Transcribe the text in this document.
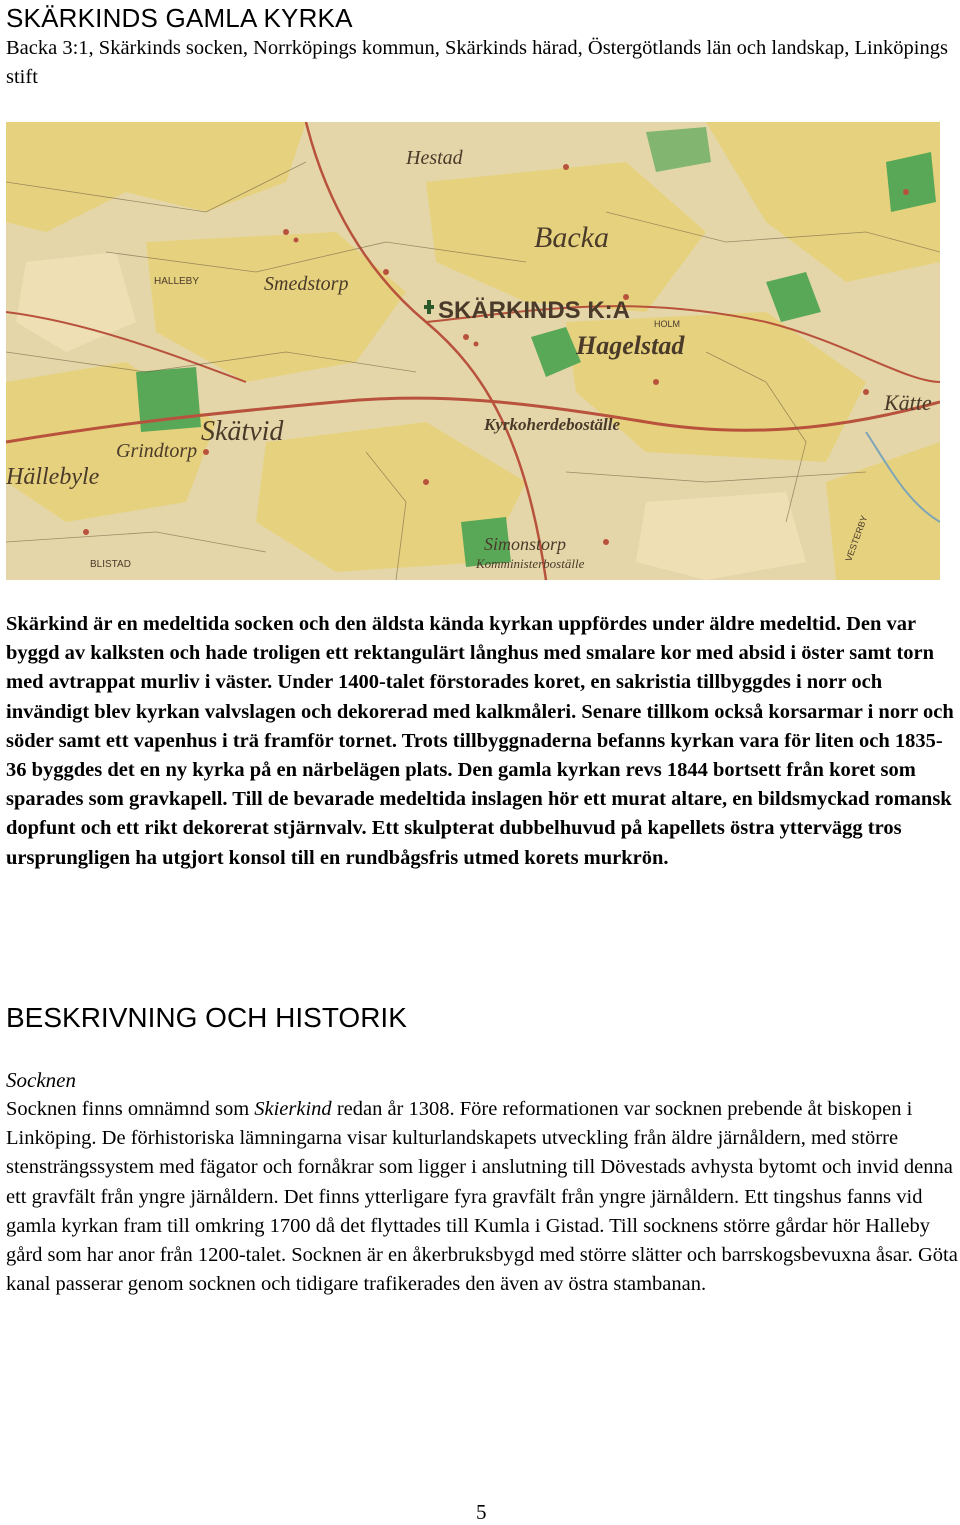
SKÄRKINDS GAMLA KYRKA

Backa 3:1, Skärkinds socken, Norrköpings kommun, Skärkinds härad, Östergötlands län och landskap, Linköpings stift

Hestad
Backa
Smedstorp
SKÄRKINDS K:A
Hagelstad
Skätvid
Grindtorp
Hällebyle
Kyrkoherdeboställe
Simonstorp
Komministerboställe
Kätte
HALLEBY
BLISTAD
VESTERBY
HOLM

Skärkind är en medeltida socken och den äldsta kända kyrkan uppfördes under äldre medeltid. Den var byggd av kalksten och hade troligen ett rektangulärt långhus med smalare kor med absid i öster samt torn med avtrappat murliv i väster. Under 1400-talet förstorades koret, en sakristia tillbyggdes i norr och invändigt blev kyrkan valvslagen och dekorerad med kalkmåleri. Senare tillkom också korsarmar i norr och söder samt ett vapenhus i trä framför tornet. Trots tillbyggnaderna befanns kyrkan vara för liten och 1835-36 byggdes det en ny kyrka på en närbelägen plats. Den gamla kyrkan revs 1844 bortsett från koret som sparades som gravkapell. Till de bevarade medeltida inslagen hör ett murat altare, en bildsmyckad romansk dopfunt och ett rikt dekorerat stjärnvalv. Ett skulpterat dubbelhuvud på kapellets östra yttervägg tros ursprungligen ha utgjort konsol till en rundbågsfris utmed korets murkrön.

BESKRIVNING OCH HISTORIK
Socknen

Socknen finns omnämnd som Skierkind redan år 1308. Före reformationen var socknen prebende åt biskopen i Linköping. De förhistoriska lämningarna visar kulturlandskapets utveckling från äldre järnåldern, med större stensträngssystem med fägator och fornåkrar som ligger i anslutning till Dövestads avhysta bytomt och invid denna ett gravfält från yngre järnåldern. Det finns ytterligare fyra gravfält från yngre järnåldern. Ett tingshus fanns vid gamla kyrkan fram till omkring 1700 då det flyttades till Kumla i Gistad. Till socknens större gårdar hör Halleby gård som har anor från 1200-talet. Socknen är en åkerbruksbygd med större slätter och barrskogsbevuxna åsar. Göta kanal passerar genom socknen och tidigare trafikerades den även av östra stambanan.

5
